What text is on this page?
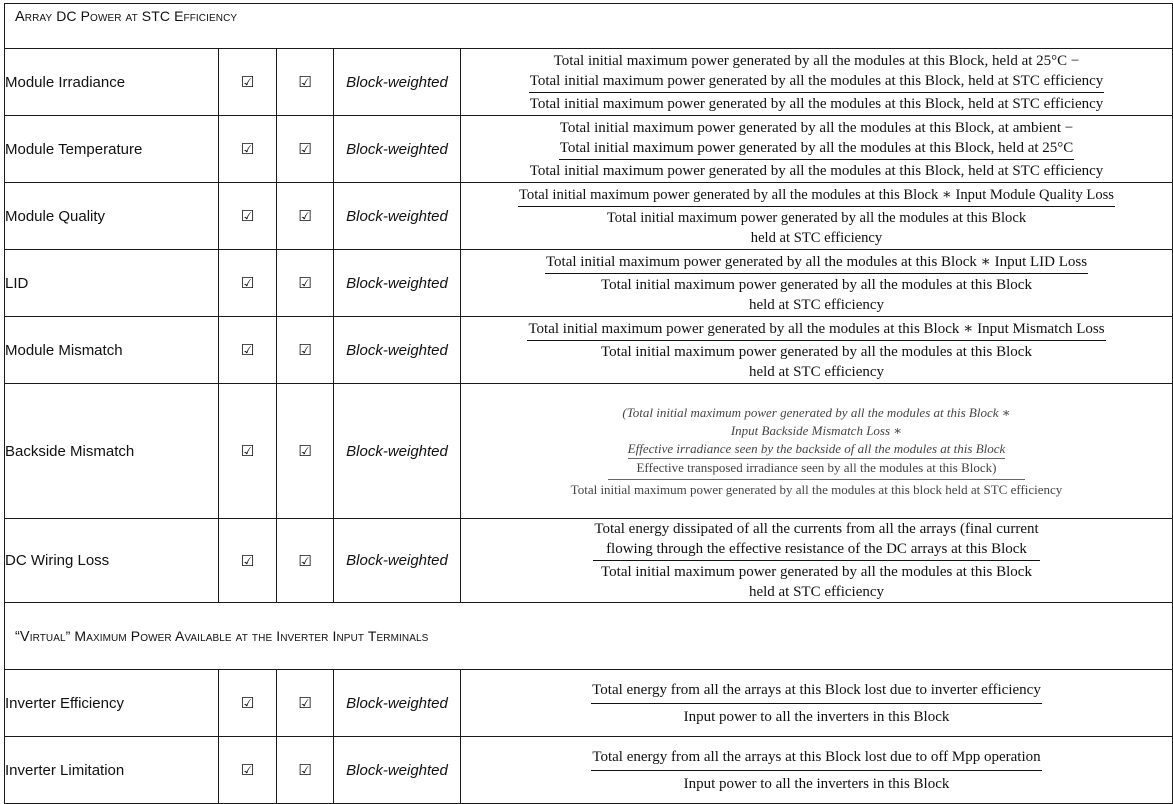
Array DC Power at STC Efficiency				

Module Irradiance	☑	☑	Block-weighted	Total initial maximum power generated by all the modules at this Block, held at 25°C −
Total initial maximum power generated by all the modules at this Block, held at STC efficiency
Total initial maximum power generated by all the modules at this Block, held at STC efficiency

Module Temperature	☑	☑	Block-weighted	Total initial maximum power generated by all the modules at this Block, at ambient −
Total initial maximum power generated by all the modules at this Block, held at 25°C
Total initial maximum power generated by all the modules at this Block, held at STC efficiency

Module Quality	☑	☑	Block-weighted	Total initial maximum power generated by all the modules at this Block ∗ Input Module Quality Loss
Total initial maximum power generated by all the modules at this Block
held at STC efficiency

LID	☑	☑	Block-weighted	Total initial maximum power generated by all the modules at this Block ∗ Input LID Loss
Total initial maximum power generated by all the modules at this Block
held at STC efficiency

Module Mismatch	☑	☑	Block-weighted	Total initial maximum power generated by all the modules at this Block ∗ Input Mismatch Loss
Total initial maximum power generated by all the modules at this Block
held at STC efficiency

Backside Mismatch	☑	☑	Block-weighted	(Total initial maximum power generated by all the modules at this Block ∗
Input Backside Mismatch Loss ∗
Effective irradiance seen by the backside of all the modules at this Block
Effective transposed irradiance seen by all the modules at this Block)
Total initial maximum power generated by all the modules at this block held at STC efficiency

DC Wiring Loss	☑	☑	Block-weighted	Total energy dissipated of all the currents from all the arrays (final current
flowing through the effective resistance of the DC arrays at this Block
Total initial maximum power generated by all the modules at this Block
held at STC efficiency

“Virtual” Maximum Power Available at the Inverter Input Terminals				

Inverter Efficiency	☑	☑	Block-weighted	Total energy from all the arrays at this Block lost due to inverter efficiency
Input power to all the inverters in this Block

Inverter Limitation	☑	☑	Block-weighted	Total energy from all the arrays at this Block lost due to off Mpp operation
Input power to all the inverters in this Block
